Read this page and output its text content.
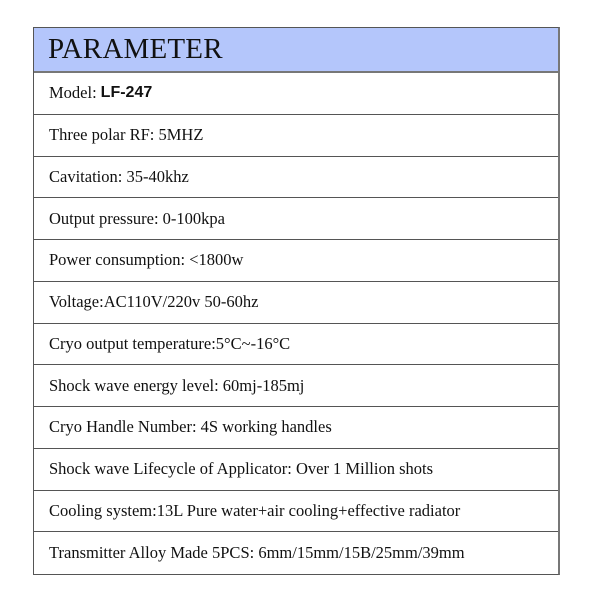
PARAMETER
Model: LF-247
Three polar RF: 5MHZ
Cavitation: 35-40khz
Output pressure: 0-100kpa
Power consumption: <1800w
Voltage:AC110V/220v 50-60hz
Cryo output temperature:5°C~-16°C
Shock wave energy level: 60mj-185mj
Cryo Handle Number: 4S working handles
Shock wave Lifecycle of Applicator: Over 1 Million shots
Cooling system:13L Pure water+air cooling+effective radiator
Transmitter Alloy Made 5PCS: 6mm/15mm/15B/25mm/39mm
